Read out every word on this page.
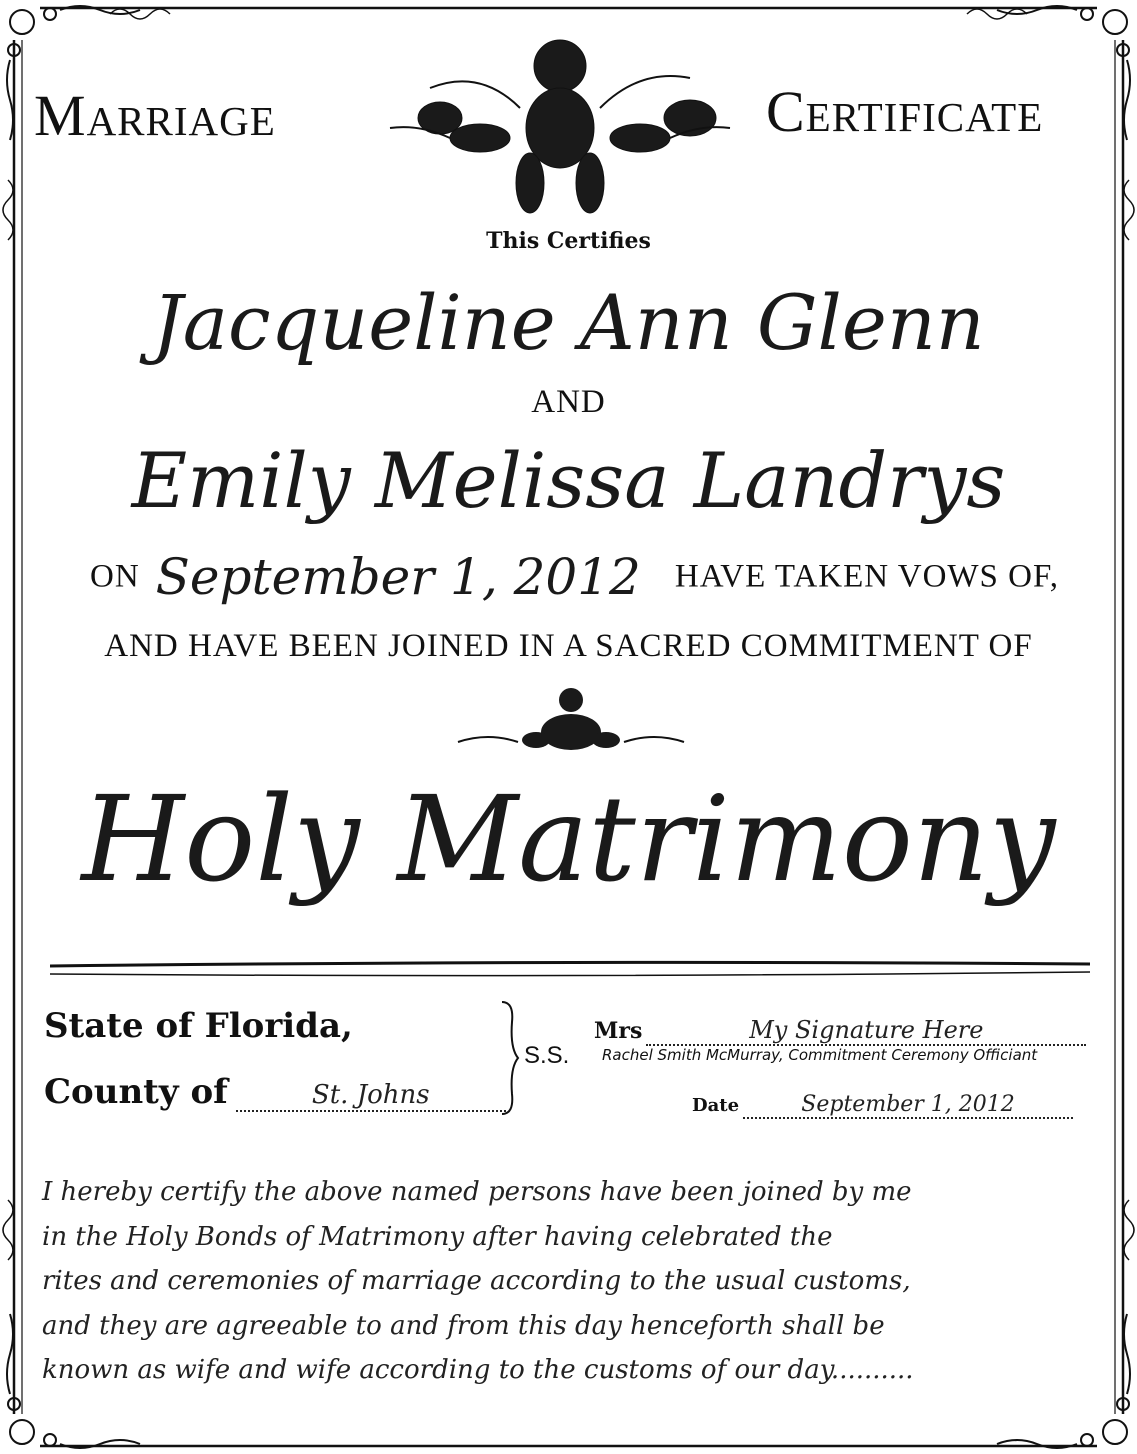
Marriage	Certificate
This Certifies
Jacqueline Ann Glenn
AND
Emily Melissa Landrys
ON September 1, 2012 HAVE TAKEN VOWS OF,
AND HAVE BEEN JOINED IN A SACRED COMMITMENT OF
Holy Matrimony
State of Florida,
County of	St. Johns
S.S.
Mrs	My Signature Here
Rachel Smith McMurray, Commitment Ceremony Officiant
Date	September 1, 2012
I hereby certify the above named persons have been joined by me
in the Holy Bonds of Matrimony after having celebrated the
rites and ceremonies of marriage according to the usual customs,
and they are agreeable to and from this day henceforth shall be
known as wife and wife according to the customs of our day..........
